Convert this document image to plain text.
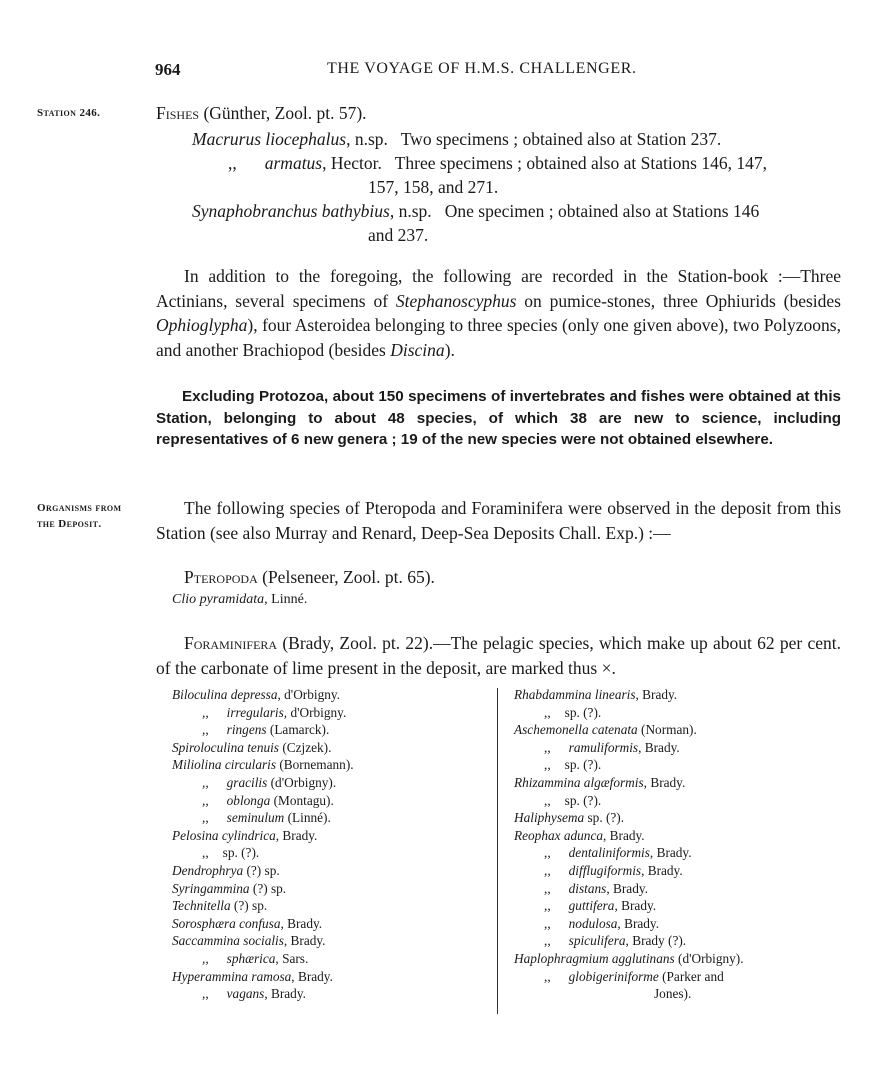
964	THE VOYAGE OF H.M.S. CHALLENGER.
Station 246.
Organisms from
the Deposit.
Fishes (Günther, Zool. pt. 57).
Macrurus liocephalus, n.sp.   Two specimens ; obtained also at Station 237.
,, armatus, Hector.   Three specimens ; obtained also at Stations 146, 147,
157, 158, and 271.
Synaphobranchus bathybius, n.sp.   One specimen ; obtained also at Stations 146
and 237.
In addition to the foregoing, the following are recorded in the Station-book :—Three Actinians, several specimens of Stephanoscyphus on pumice-stones, three Ophiurids (besides Ophioglypha), four Asteroidea belonging to three species (only one given above), two Polyzoons, and another Brachiopod (besides Discina).
Excluding Protozoa, about 150 specimens of invertebrates and fishes were obtained at this Station, belonging to about 48 species, of which 38 are new to science, including representatives of 6 new genera ; 19 of the new species were not obtained elsewhere.
The following species of Pteropoda and Foraminifera were observed in the deposit from this Station (see also Murray and Renard, Deep-Sea Deposits Chall. Exp.) :—
Pteropoda (Pelseneer, Zool. pt. 65).
Clio pyramidata, Linné.
Foraminifera (Brady, Zool. pt. 22).—The pelagic species, which make up about 62 per cent. of the carbonate of lime present in the deposit, are marked thus ×.
Biloculina depressa, d'Orbigny.
,, irregularis, d'Orbigny.
,, ringens (Lamarck).
Spiroloculina tenuis (Czjzek).
Miliolina circularis (Bornemann).
,, gracilis (d'Orbigny).
,, oblonga (Montagu).
,, seminulum (Linné).
Pelosina cylindrica, Brady.
,, sp. (?).
Dendrophrya (?) sp.
Syringammina (?) sp.
Technitella (?) sp.
Sorosphæra confusa, Brady.
Saccammina socialis, Brady.
,, sphærica, Sars.
Hyperammina ramosa, Brady.
,, vagans, Brady.
Rhabdammina linearis, Brady.
,, sp. (?).
Aschemonella catenata (Norman).
,, ramuliformis, Brady.
,, sp. (?).
Rhizammina algæformis, Brady.
,, sp. (?).
Haliphysema sp. (?).
Reophax adunca, Brady.
,, dentaliniformis, Brady.
,, difflugiformis, Brady.
,, distans, Brady.
,, guttifera, Brady.
,, nodulosa, Brady.
,, spiculifera, Brady (?).
Haplophragmium agglutinans (d'Orbigny).
,, globigeriniforme (Parker and
Jones).
